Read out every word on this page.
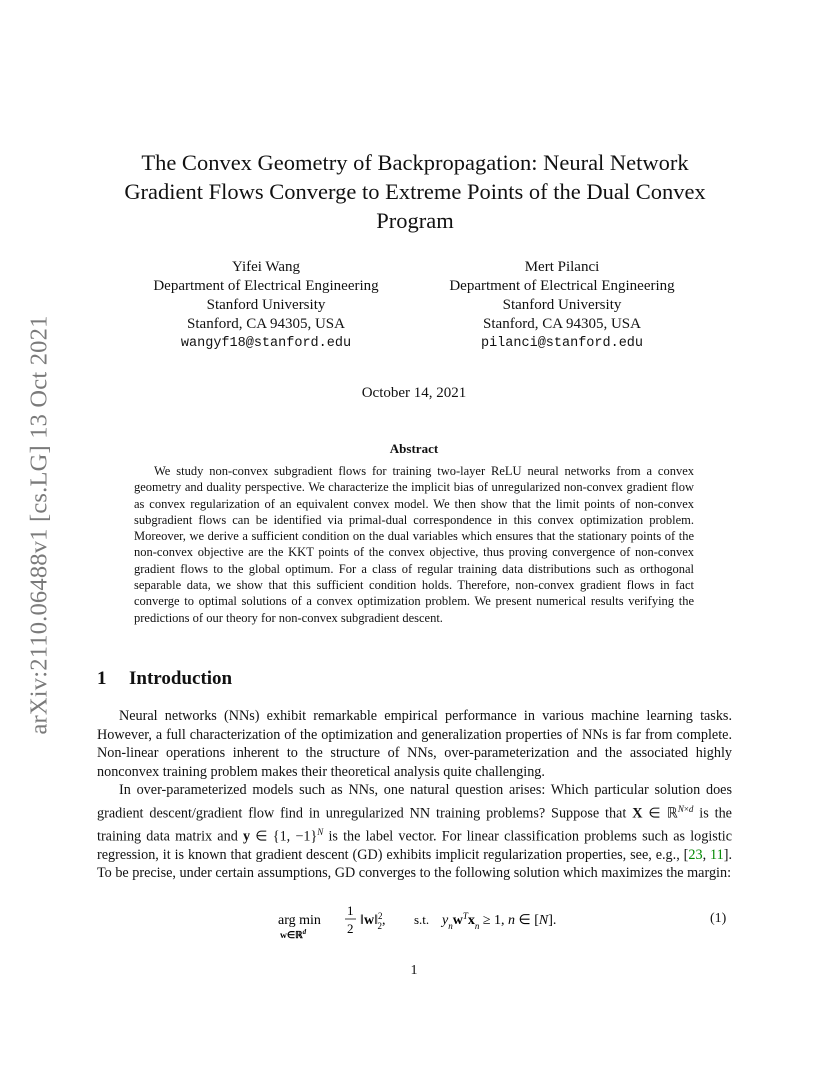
arXiv:2110.06488v1 [cs.LG] 13 Oct 2021
The Convex Geometry of Backpropagation: Neural Network
Gradient Flows Converge to Extreme Points of the Dual Convex
Program
Yifei Wang
Department of Electrical Engineering
Stanford University
Stanford, CA 94305, USA
wangyf18@stanford.edu
Mert Pilanci
Department of Electrical Engineering
Stanford University
Stanford, CA 94305, USA
pilanci@stanford.edu
October 14, 2021
Abstract
We study non-convex subgradient flows for training two-layer ReLU neural networks from a convex geometry and duality perspective. We characterize the implicit bias of unregularized non-convex gradient flow as convex regularization of an equivalent convex model. We then show that the limit points of non-convex subgradient flows can be identified via primal-dual correspondence in this convex optimization problem. Moreover, we derive a sufficient condition on the dual variables which ensures that the stationary points of the non-convex objective are the KKT points of the convex objective, thus proving convergence of non-convex gradient flows to the global optimum. For a class of regular training data distributions such as orthogonal separable data, we show that this sufficient condition holds. Therefore, non-convex gradient flows in fact converge to optimal solutions of a convex optimization problem. We present numerical results verifying the predictions of our theory for non-convex subgradient descent.
1 Introduction

Neural networks (NNs) exhibit remarkable empirical performance in various machine learning tasks. However, a full characterization of the optimization and generalization properties of NNs is far from complete. Non-linear operations inherent to the structure of NNs, over-parameterization and the associated highly nonconvex training problem makes their theoretical analysis quite challenging.

In over-parameterized models such as NNs, one natural question arises: Which particular solution does gradient descent/gradient flow find in unregularized NN training problems? Suppose that X ∈ ℝ$^{N\times d}$ is the training data matrix and y ∈ {1, −1}$^N$ is the label vector. For linear classification problems such as logistic regression, it is known that gradient descent (GD) exhibits implicit regularization properties, see, e.g., [23, 11]. To be precise, under certain assumptions, GD converges to the following solution which maximizes the margin:

arg min
w∈ℝ$^d$
1
2
‖w‖$^2$ $_2$, s.t. $y_nw^Tx_n \ge 1$, n ∈ [N].	(1)
1
